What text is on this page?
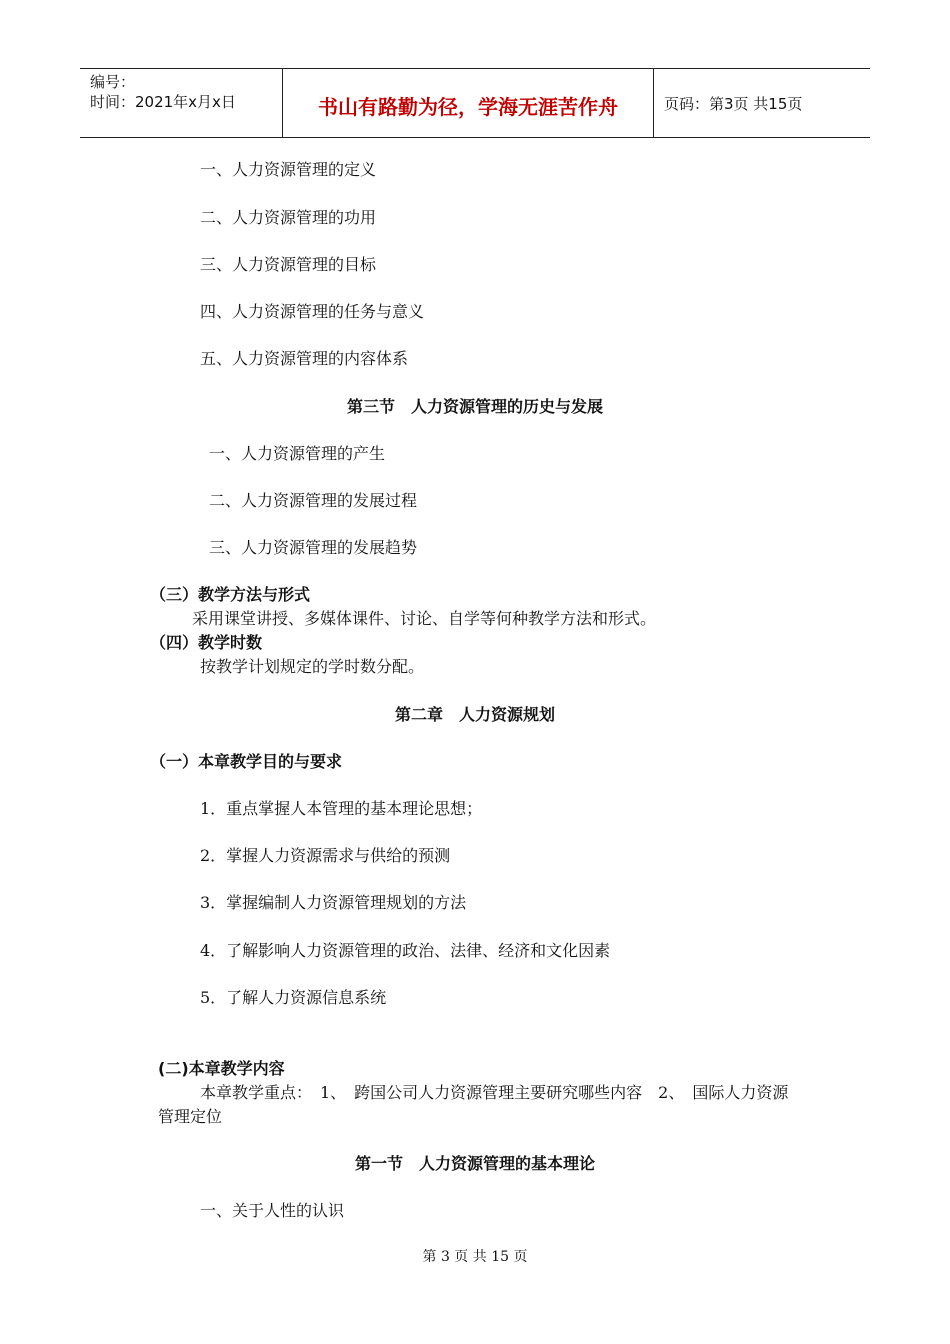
编号：
时间：2021年x月x日	书山有路勤为径，学海无涯苦作舟	页码：第3页 共15页
一、人力资源管理的定义
二、人力资源管理的功用
三、人力资源管理的目标
四、人力资源管理的任务与意义
五、人力资源管理的内容体系
第三节　人力资源管理的历史与发展
一、人力资源管理的产生
二、人力资源管理的发展过程
三、人力资源管理的发展趋势
（三）教学方法与形式
采用课堂讲授、多媒体课件、讨论、自学等何种教学方法和形式。
（四）教学时数
按教学计划规定的学时数分配。
第二章　人力资源规划
（一）本章教学目的与要求
1．重点掌握人本管理的基本理论思想；
2．掌握人力资源需求与供给的预测
3．掌握编制人力资源管理规划的方法
4．了解影响人力资源管理的政治、法律、经济和文化因素
5．了解人力资源信息系统
(二)本章教学内容
本章教学重点：　1、　跨国公司人力资源管理主要研究哪些内容　2、　国际人力资源
管理定位
第一节　人力资源管理的基本理论
一、关于人性的认识
第 3 页 共 15 页
